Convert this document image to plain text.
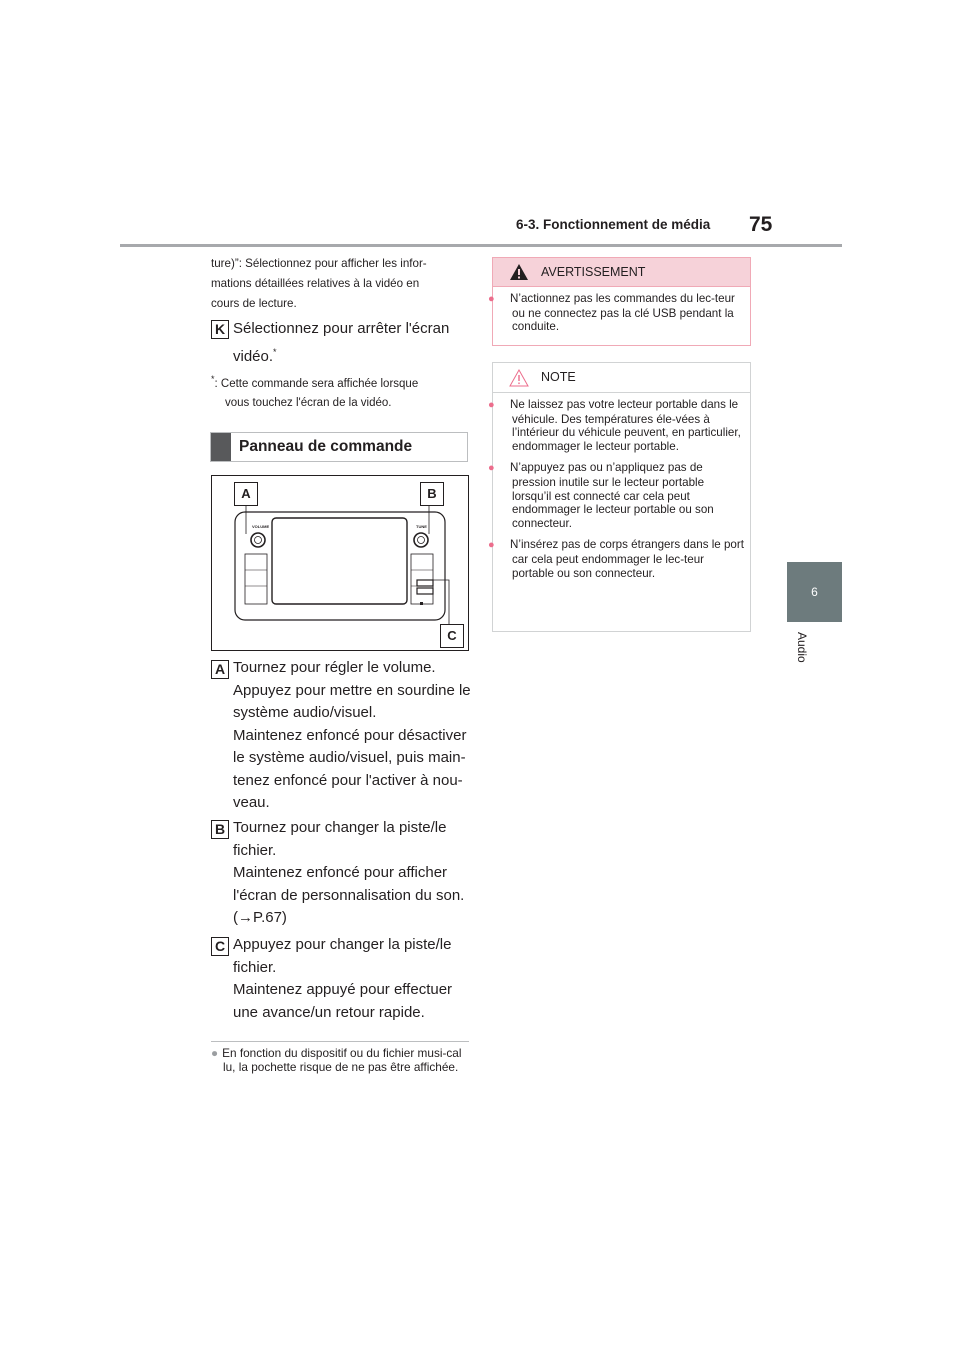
6-3. Fonctionnement de média 75
6
Audio
ture)”: Sélectionnez pour afficher les infor-
mations détaillées relatives à la vidéo en
cours de lecture.
K Sélectionnez pour arrêter l'écran
vidéo.*
*: Cette commande sera affichée lorsque
vous touchez l'écran de la vidéo.
Panneau de commande
A	B
C
VOLUME	TUNE
A Tournez pour régler le volume.
Appuyez pour mettre en sourdine le
système audio/visuel.
Maintenez enfoncé pour désactiver
le système audio/visuel, puis main-
tenez enfoncé pour l'activer à nou-
veau.
B Tournez pour changer la piste/le
fichier.
Maintenez enfoncé pour afficher
l'écran de personnalisation du son.
(→P.67)
C Appuyez pour changer la piste/le
fichier.
Maintenez appuyé pour effectuer
une avance/un retour rapide.
● En fonction du dispositif ou du fichier musi-cal lu, la pochette risque de ne pas être affichée.
AVERTISSEMENT
● N’actionnez pas les commandes du lec-teur ou ne connectez pas la clé USB pendant la conduite.
NOTE
● Ne laissez pas votre lecteur portable dans le véhicule. Des températures éle-vées à l’intérieur du véhicule peuvent, en particulier, endommager le lecteur portable.
● N’appuyez pas ou n’appliquez pas de pression inutile sur le lecteur portable lorsqu’il est connecté car cela peut endommager le lecteur portable ou son connecteur.
● N’insérez pas de corps étrangers dans le port car cela peut endommager le lec-teur portable ou son connecteur.
